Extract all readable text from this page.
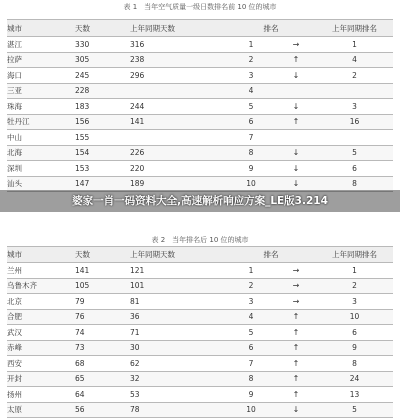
表 1　当年空气质量一级日数排名前 10 位的城市
城市	天数	上年同期天数	排名		上年同期排名
湛江	330	316	1	→	1
拉萨	305	238	2	↑	4
海口	245	296	3	↓	2
三亚	228		4		
珠海	183	244	5	↓	3
牡丹江	156	141	6	↑	16
中山	155		7		
北海	154	226	8	↓	5
深圳	153	220	9	↓	6
汕头	147	189	10	↓	8
婆家一肖一码资料大全,高速解析响应方案_LE版3.214
表 2　当年排名后 10 位的城市
城市	天数	上年同期天数	排名		上年同期排名
兰州	141	121	1	→	1
乌鲁木齐	105	101	2	→	2
北京	79	81	3	→	3
合肥	76	36	4	↑	10
武汉	74	71	5	↑	6
赤峰	73	30	6	↑	9
西安	68	62	7	↑	8
开封	65	32	8	↑	24
扬州	64	53	9	↑	13
太原	56	78	10	↓	5
